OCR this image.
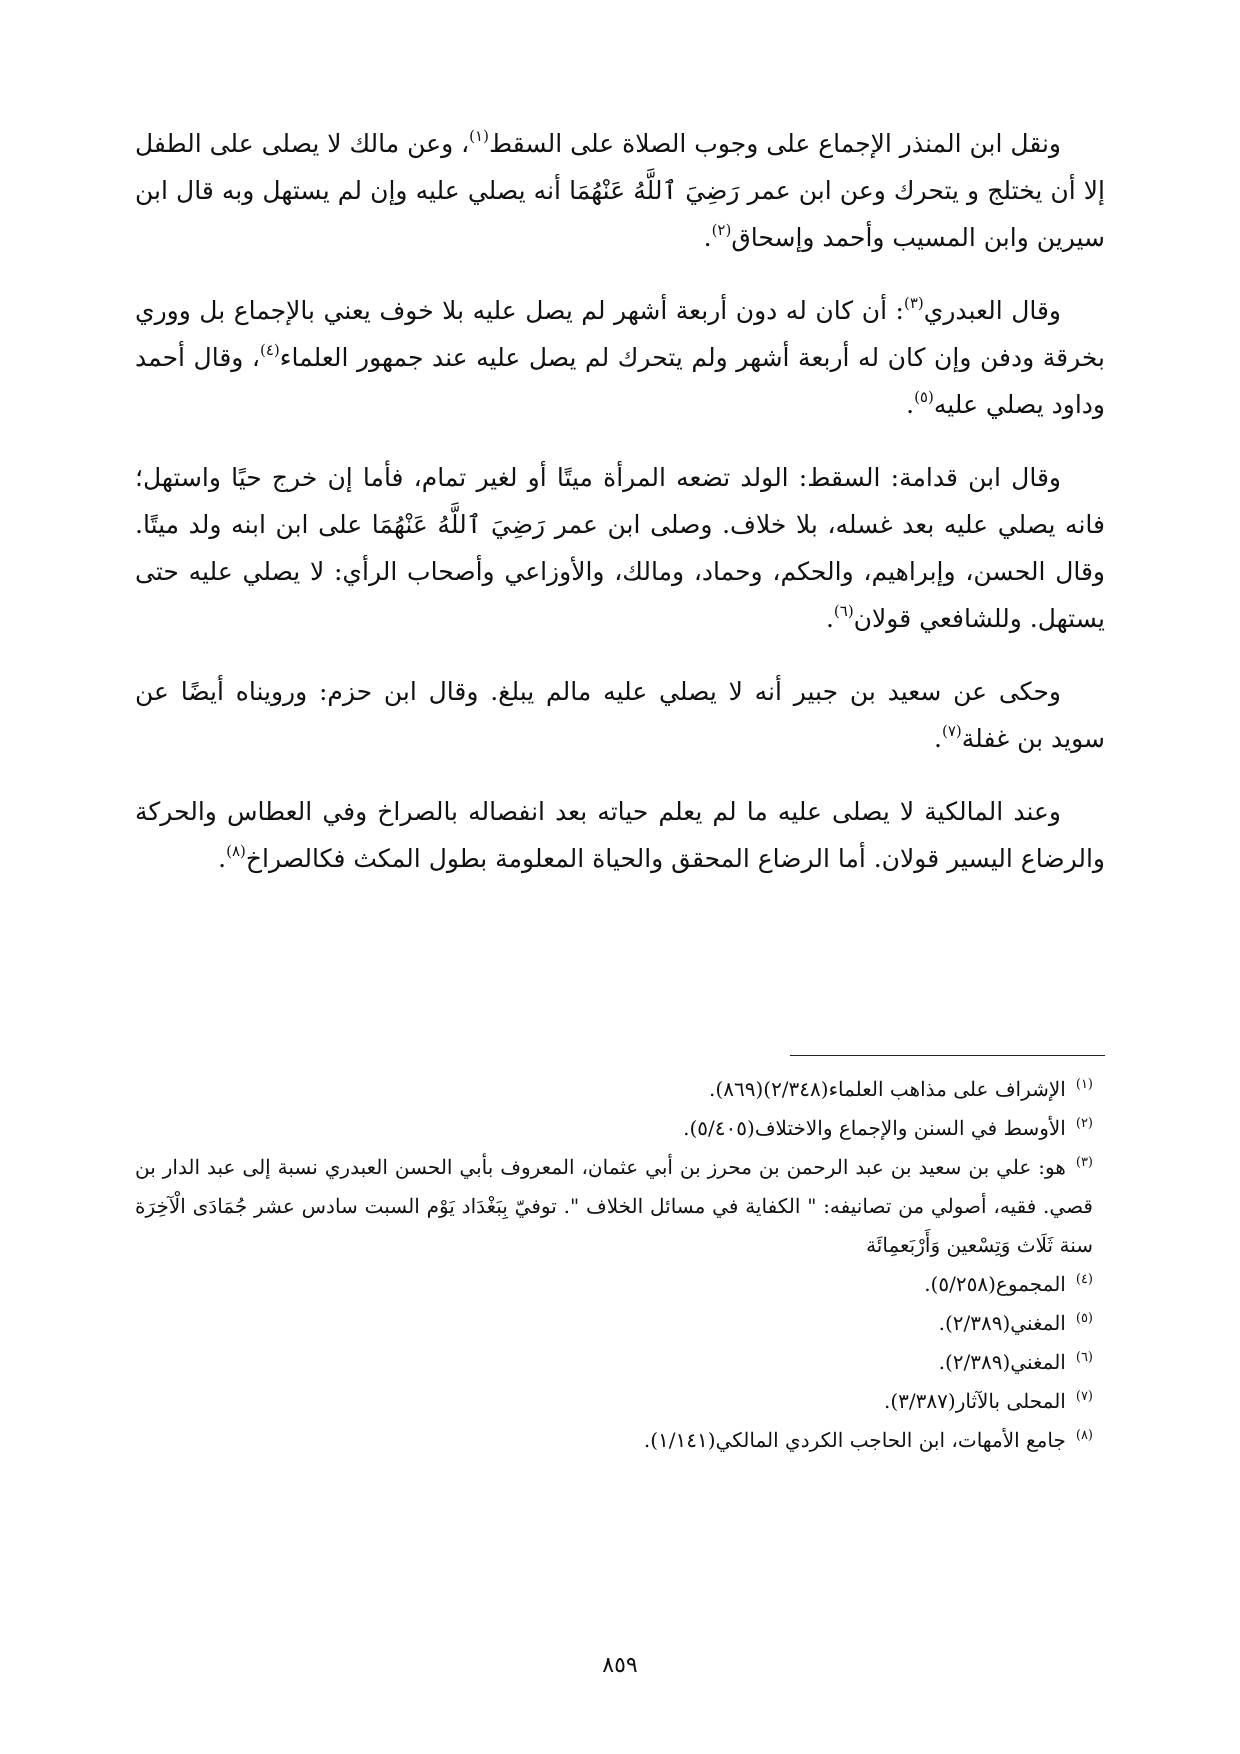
ونقل ابن المنذر الإجماع على وجوب الصلاة على السقط$^{(١)}$، وعن مالك لا يصلى على الطفل إلا أن يختلج و يتحرك وعن ابن عمر رَضِيَ ٱللَّهُ عَنْهُمَا أنه يصلي عليه وإن لم يستهل وبه قال ابن سيرين وابن المسيب وأحمد وإسحاق$^{(٢)}$.

وقال العبدري$^{(٣)}$: أن كان له دون أربعة أشهر لم يصل عليه بلا خوف يعني بالإجماع بل ووري بخرقة ودفن وإن كان له أربعة أشهر ولم يتحرك لم يصل عليه عند جمهور العلماء$^{(٤)}$، وقال أحمد وداود يصلي عليه$^{(٥)}$.

وقال ابن قدامة: السقط: الولد تضعه المرأة ميتًا أو لغير تمام، فأما إن خرج حيًا واستهل؛ فانه يصلي عليه بعد غسله، بلا خلاف. وصلى ابن عمر رَضِيَ ٱللَّهُ عَنْهُمَا على ابن ابنه ولد ميتًا. وقال الحسن، وإبراهيم، والحكم، وحماد، ومالك، والأوزاعي وأصحاب الرأي: لا يصلي عليه حتى يستهل. وللشافعي قولان$^{(٦)}$.

وحكى عن سعيد بن جبير أنه لا يصلي عليه مالم يبلغ. وقال ابن حزم: ورويناه أيضًا عن سويد بن غفلة$^{(٧)}$.

وعند المالكية لا يصلى عليه ما لم يعلم حياته بعد انفصاله بالصراخ وفي العطاس والحركة والرضاع اليسير قولان. أما الرضاع المحقق والحياة المعلومة بطول المكث فكالصراخ$^{(٨)}$.

$^{(١)}$الإشراف على مذاهب العلماء(٢/٣٤٨)(٨٦٩).

$^{(٢)}$الأوسط في السنن والإجماع والاختلاف(٥/٤٠٥).

$^{(٣)}$هو: علي بن سعيد بن عبد الرحمن بن محرز بن أبي عثمان، المعروف بأبي الحسن العبدري نسبة إلى عبد الدار بن قصي. فقيه، أصولي من تصانيفه: " الكفاية في مسائل الخلاف ". توفيّ بِبَغْدَاد يَوْم السبت سادس عشر جُمَادَى الْآخِرَة سنة ثَلَاث وَتِسْعين وَأَرْبَعمِائَة

$^{(٤)}$المجموع(٥/٢٥٨).

$^{(٥)}$المغني(٢/٣٨٩).

$^{(٦)}$المغني(٢/٣٨٩).

$^{(٧)}$المحلى بالآثار(٣/٣٨٧).

$^{(٨)}$جامع الأمهات، ابن الحاجب الكردي المالكي(١/١٤١).

٨٥٩
